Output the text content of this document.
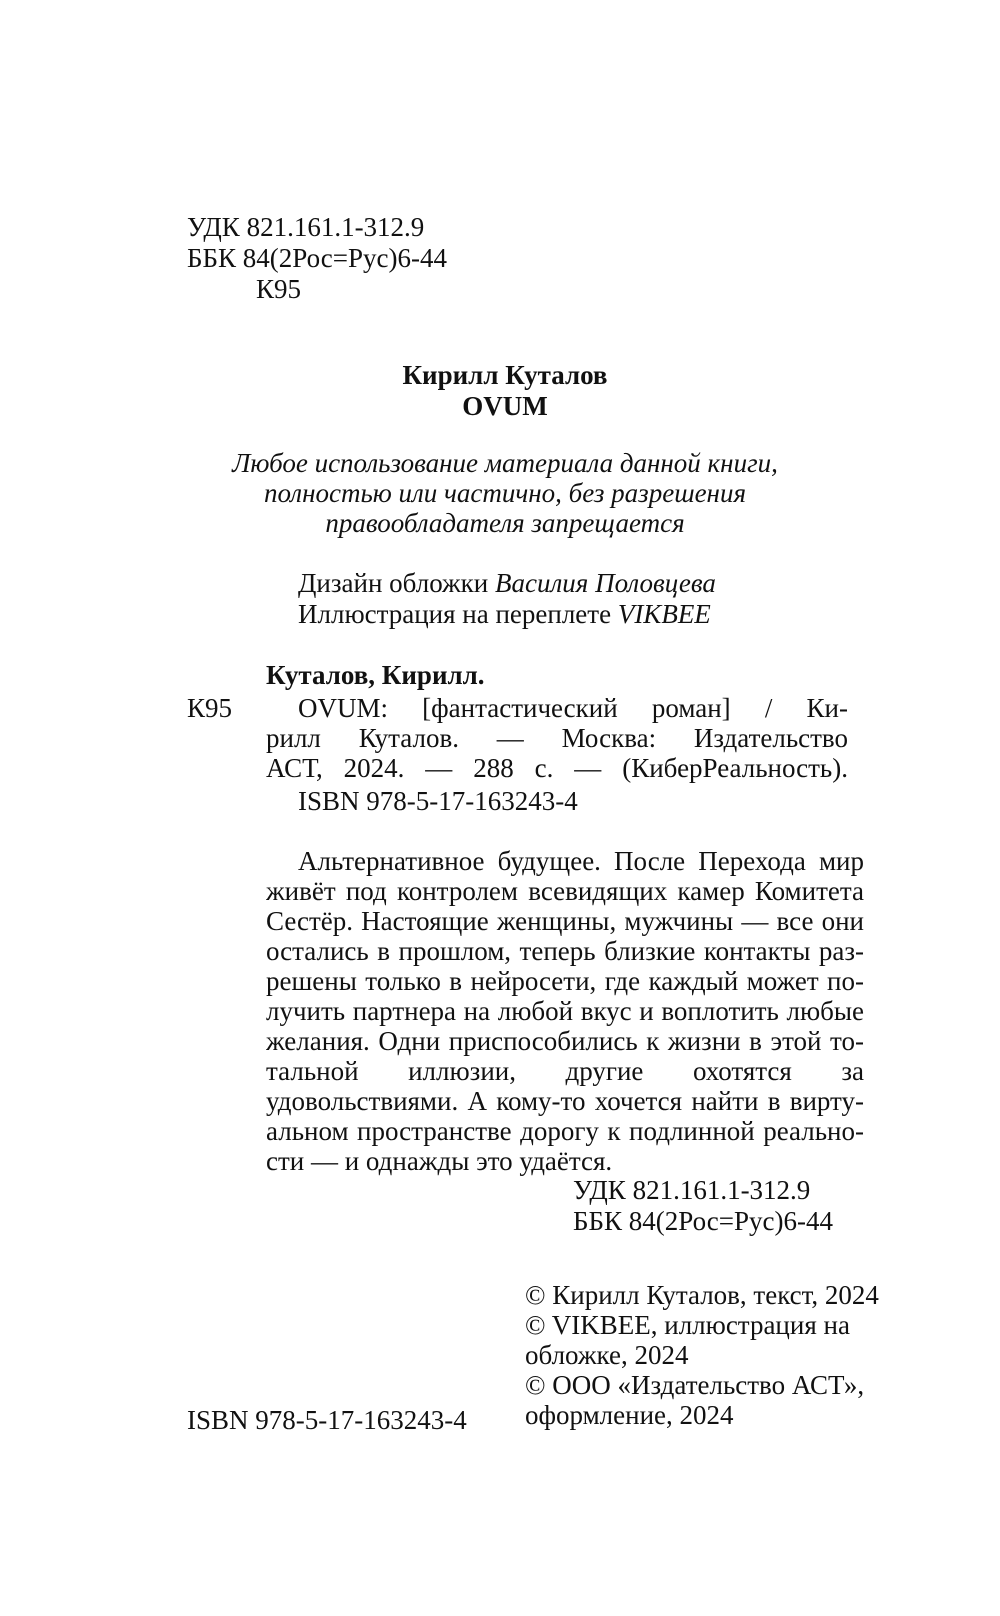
УДК 821.161.1-312.9
ББК 84(2Рос=Рус)6-44
К95
Кирилл Куталов
OVUM
Любое использование материала данной книги,
полностью или частично, без разрешения
правообладателя запрещается
Дизайн обложки Василия Половцева
Иллюстрация на переплете VIKBEE
Куталов, Кирилл.
К95	OVUM: [фантастический роман] / Ки-
рилл Куталов. — Москва: Издательство
АСТ, 2024. — 288 с. — (КиберРеальность).
ISBN 978-5-17-163243-4
Альтернативное будущее. После Перехода мир
живёт под контролем всевидящих камер Комитета
Сестёр. Настоящие женщины, мужчины — все они
остались в прошлом, теперь близкие контакты раз-
решены только в нейросети, где каждый может по-
лучить партнера на любой вкус и воплотить любые
желания. Одни приспособились к жизни в этой то-
тальной иллюзии, другие охотятся за
удовольствиями. А кому-то хочется найти в вирту-
альном пространстве дорогу к подлинной реально-
сти — и однажды это удаётся.
УДК 821.161.1-312.9
ББК 84(2Рос=Рус)6-44
ISBN 978-5-17-163243-4
© Кирилл Куталов, текст, 2024
© VIKBEE, иллюстрация на
обложке, 2024
© ООО «Издательство АСТ»,
оформление, 2024
